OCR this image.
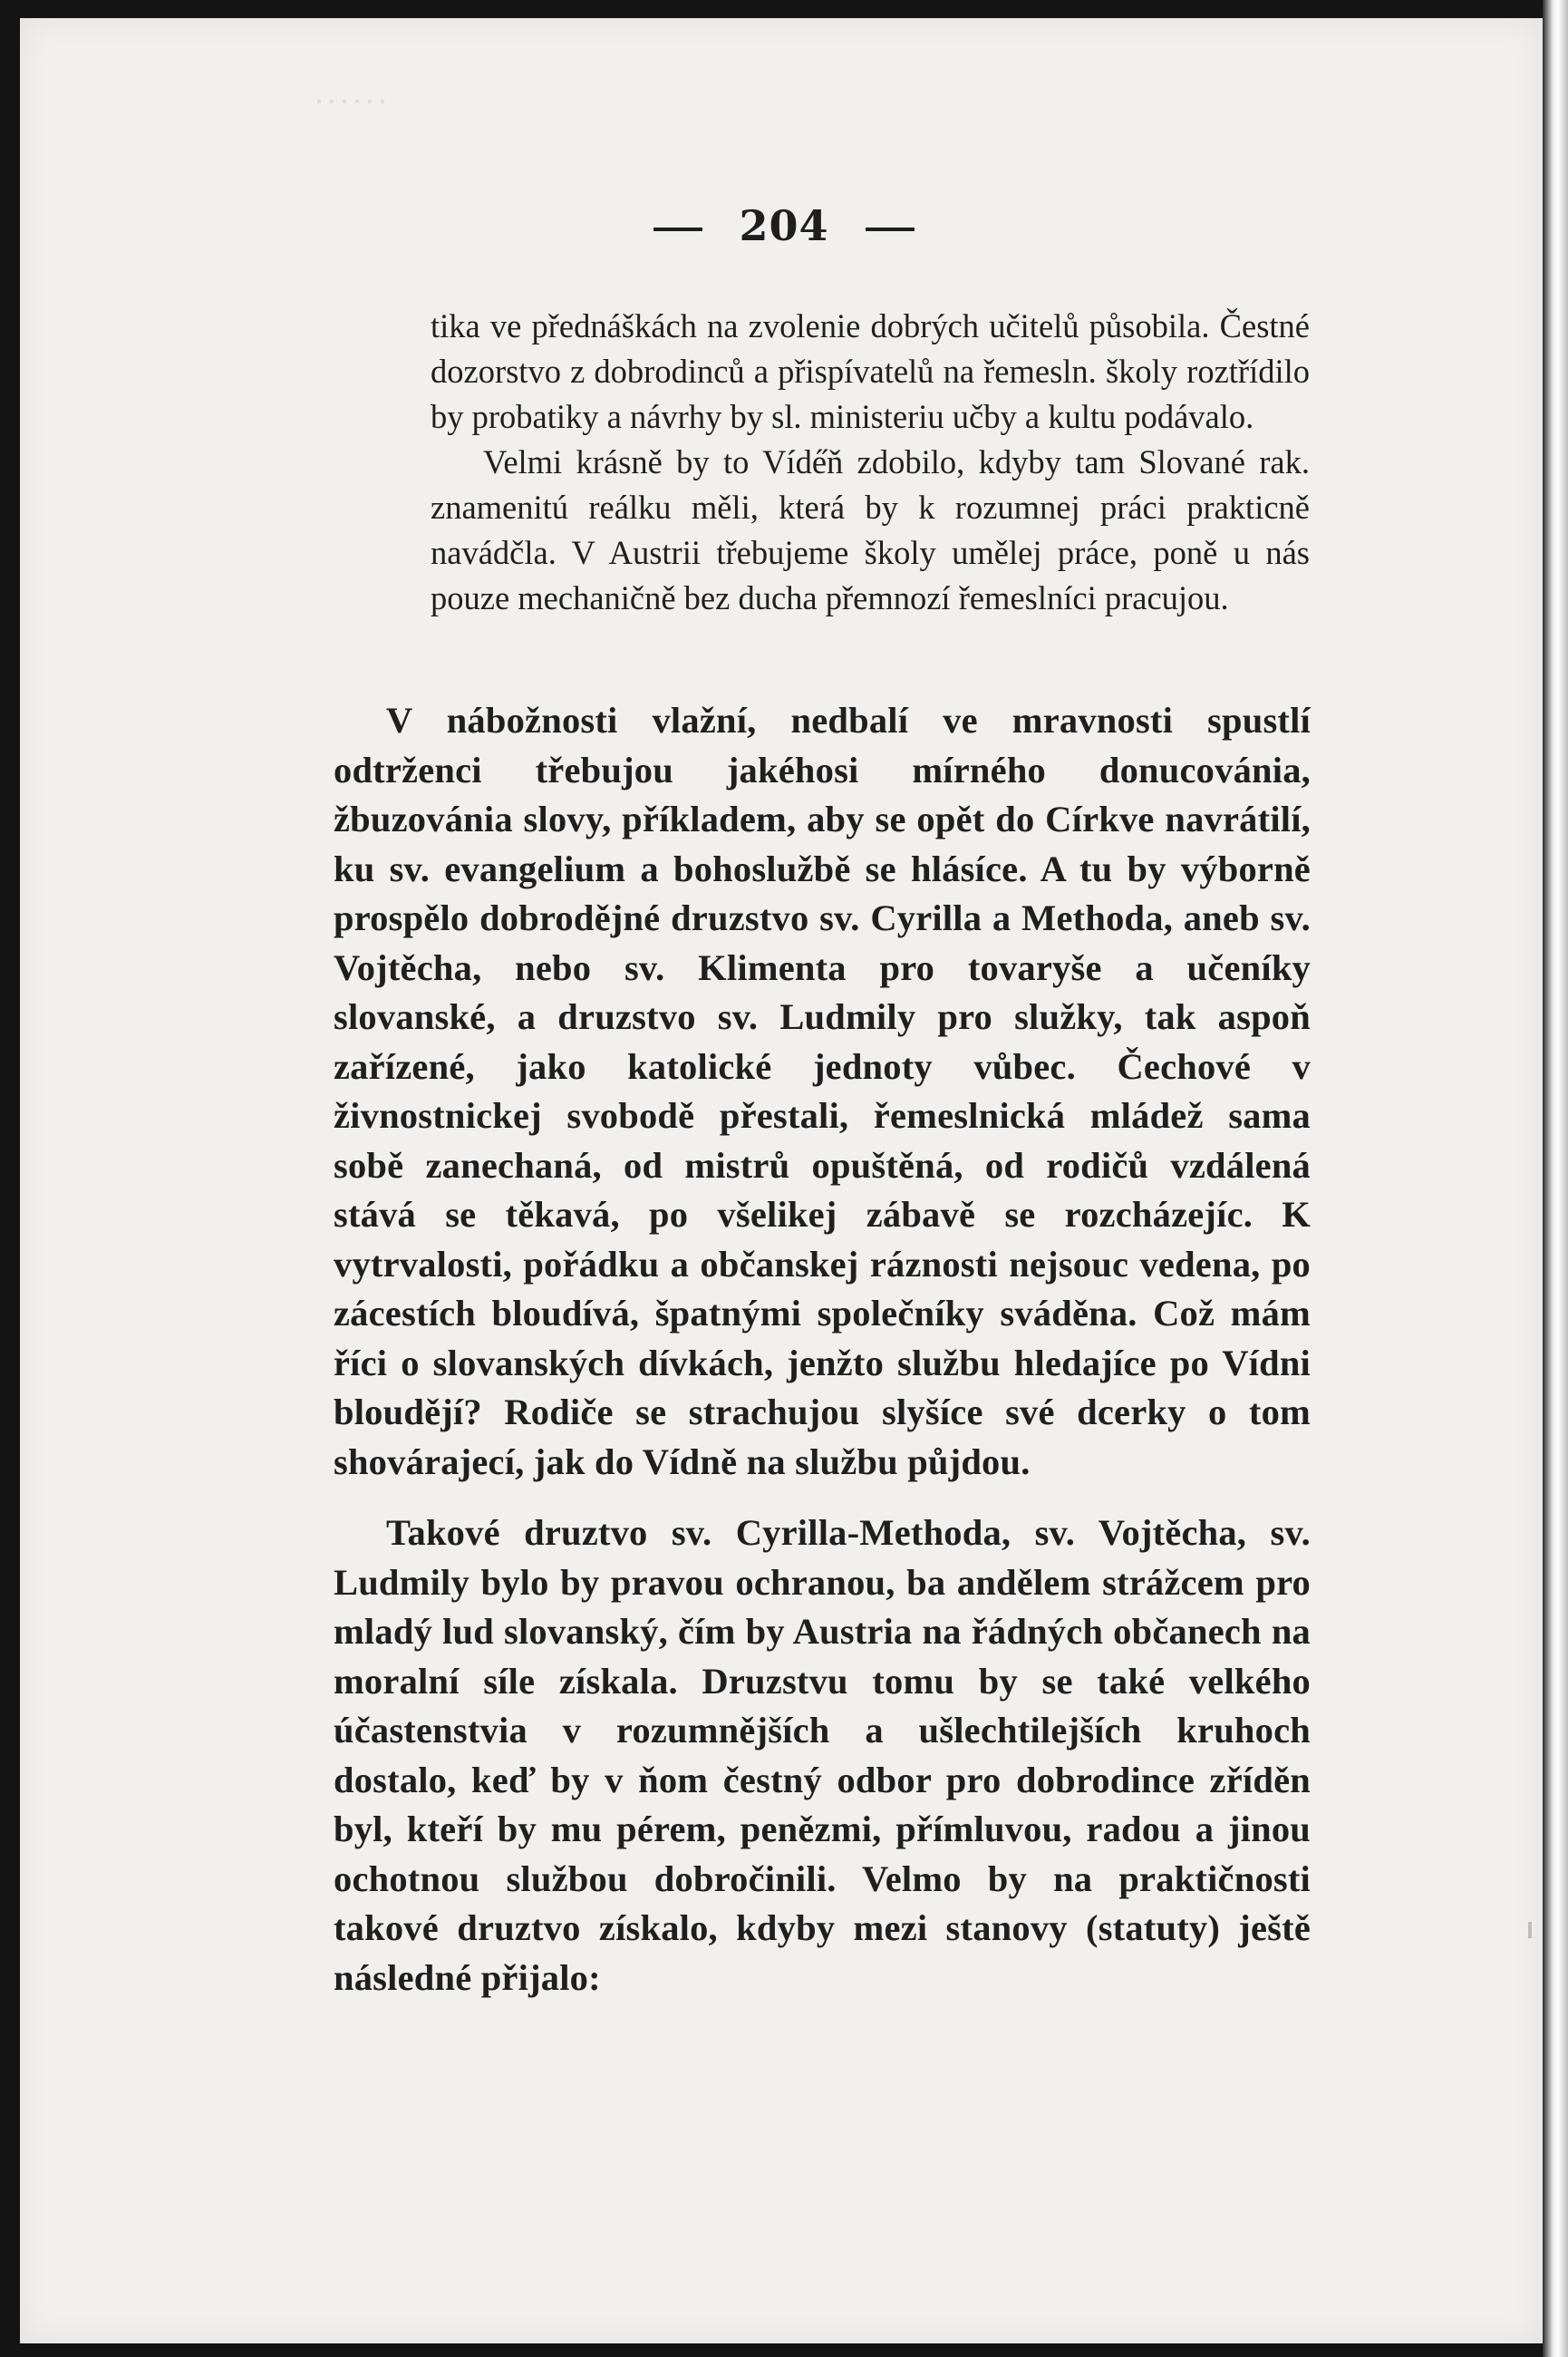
204

tika ve přednáškách na zvolenie dobrých učitelů působila. Čestné dozorstvo z dobrodinců a přispívatelů na řemesln. školy roztřídilo by probatiky a návrhy by sl. ministeriu učby a kultu podávalo.

Velmi krásně by to Víde̋ň zdobilo, kdyby tam Slované rak. znamenitú reálku měli, která by k rozumnej práci prakticně navádčla. V Austrii třebujeme školy umělej práce, poně u nás pouze mechaničně bez ducha přemnozí řemeslníci pracujou.

V nábožnosti vlažní, nedbalí ve mravnosti spustlí odtrženci třebujou jakéhosi mírného donucovánia, žbuzovánia slovy, příkladem, aby se opět do Církve navrátilí, ku sv. evangelium a bohoslužbě se hlásíce. A tu by výborně prospělo dobrodějné druzstvo sv. Cyrilla a Methoda, aneb sv. Vojtěcha, nebo sv. Klimenta pro tovaryše a učeníky slovanské, a druzstvo sv. Ludmily pro služky, tak aspoň zařízené, jako katolické jednoty vůbec. Čechové v živnostnickej svobodě přestali, řemeslnická mládež sama sobě zanechaná, od mistrů opuštěná, od rodičů vzdálená stává se těkavá, po všelikej zábavě se rozcházejíc. K vytrvalosti, pořádku a občanskej ráznosti nejsouc vedena, po zácestích bloudívá, špatnými společníky sváděna. Což mám říci o slovanských dívkách, jenžto službu hledajíce po Vídni bloudějí? Rodiče se strachujou slyšíce své dcerky o tom shovárajecí, jak do Vídně na službu půjdou.

Takové druztvo sv. Cyrilla-Methoda, sv. Vojtěcha, sv. Ludmily bylo by pravou ochranou, ba andělem strážcem pro mladý lud slovanský, čím by Austria na řádných občanech na moralní síle získala. Druzstvu tomu by se také velkého účastenstvia v rozumnějších a ušlechtilejších kruhoch dostalo, keď by v ňom čestný odbor pro dobrodince zříděn byl, kteří by mu pérem, penězmi, přímluvou, radou a jinou ochotnou službou dobročinili. Velmo by na praktičnosti takové druztvo získalo, kdyby mezi stanovy (statuty) ještě následné přijalo:
